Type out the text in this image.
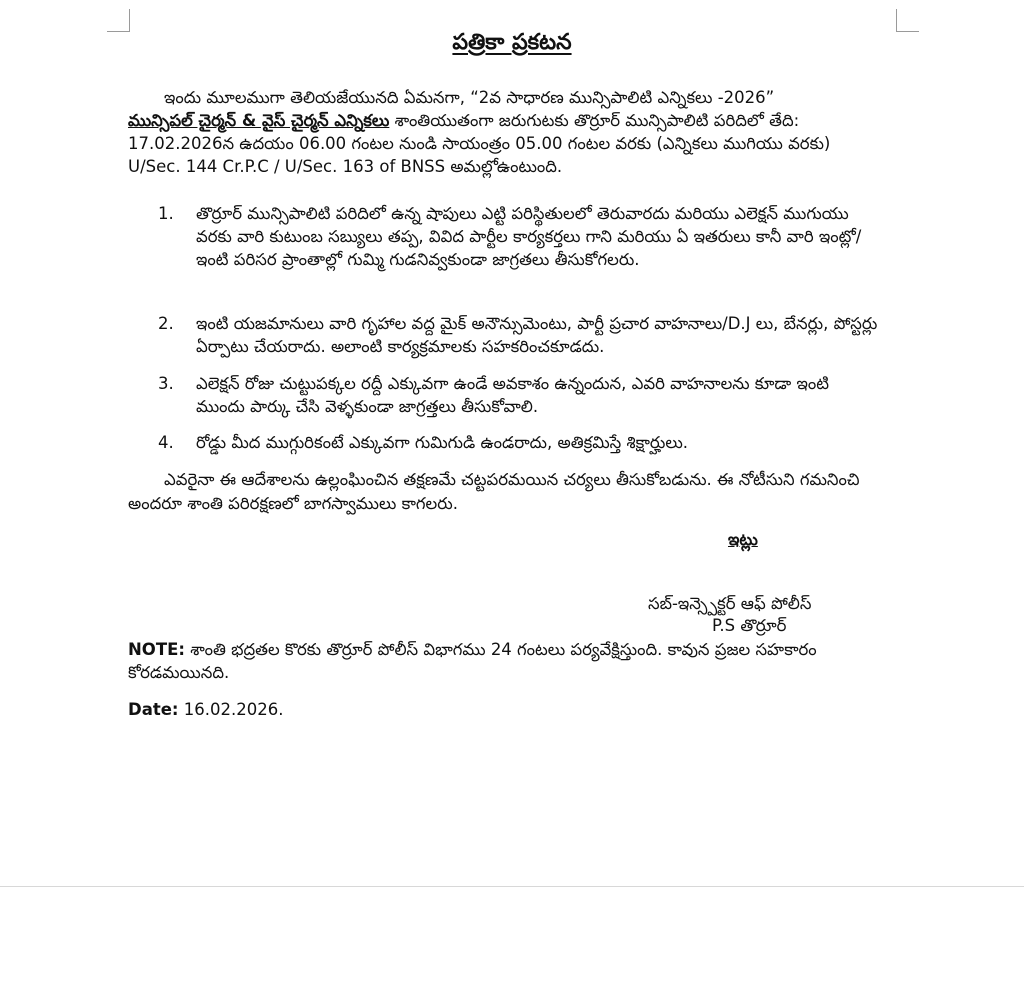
పత్రికా ప్రకటన
ఇందు మూలముగా తెలియజేయునది ఏమనగా, “2వ సాధారణ మున్సిపాలిటి ఎన్నికలు -2026”
మున్సిపల్ చైర్మన్ & వైస్ చైర్మన్ ఎన్నికలు శాంతియుతంగా జరుగుటకు తొర్రూర్ మున్సిపాలిటి పరిదిలో తేది: 17.02.2026న ఉదయం 06.00 గంటల నుండి సాయంత్రం 05.00 గంటల వరకు (ఎన్నికలు ముగియు వరకు) U/Sec. 144 Cr.P.C / U/Sec. 163 of BNSS అమల్లోఉంటుంది.
1. తొర్రూర్ మున్సిపాలిటి పరిదిలో ఉన్న షాపులు ఎట్టి పరిస్థితులలో తెరువారదు మరియు ఎలెక్షన్ ముగుయు వరకు వారి కుటుంబ సబ్యులు తప్ప, వివిద పార్టీల కార్యకర్తలు గాని మరియు ఏ ఇతరులు కానీ వారి ఇంట్లో/ ఇంటి పరిసర ప్రాంతాల్లో గుమ్మి గుడనివ్వకుండా జాగ్రతలు తీసుకోగలరు.
2. ఇంటి యజమానులు వారి గృహాల వద్ద మైక్ అనౌన్సుమెంటు, పార్టీ ప్రచార వాహనాలు/D.J లు, బేనర్లు, పోస్టర్లు ఏర్పాటు చేయరాదు. అలాంటి కార్యక్రమాలకు సహకరించకూడదు.
3. ఎలెక్షన్ రోజు చుట్టుపక్కల రద్దీ ఎక్కువగా ఉండే అవకాశం ఉన్నందున, ఎవరి వాహనాలను కూడా ఇంటి ముందు పార్కు చేసి వెళ్ళకుండా జాగ్రత్తలు తీసుకోవాలి.
4. రోడ్డు మీద ముగ్గురికంటే ఎక్కువగా గుమిగుడి ఉండరాదు, అతిక్రమిస్తే శిక్షార్హులు.
ఎవరైనా ఈ ఆదేశాలను ఉల్లంఘించిన తక్షణమే చట్టపరమయిన చర్యలు తీసుకోబడును. ఈ నోటీసుని గమనించి అందరూ శాంతి పరిరక్షణలో బాగస్వాములు కాగలరు.
ఇట్లు
సబ్-ఇన్స్పెక్టర్ ఆఫ్ పోలీస్
P.S తొర్రూర్
NOTE: శాంతి భద్రతల కొరకు తొర్రూర్ పోలీస్ విభాగము 24 గంటలు పర్యవేక్షిస్తుంది. కావున ప్రజల సహకారం కోరడమయినది.
Date: 16.02.2026.
